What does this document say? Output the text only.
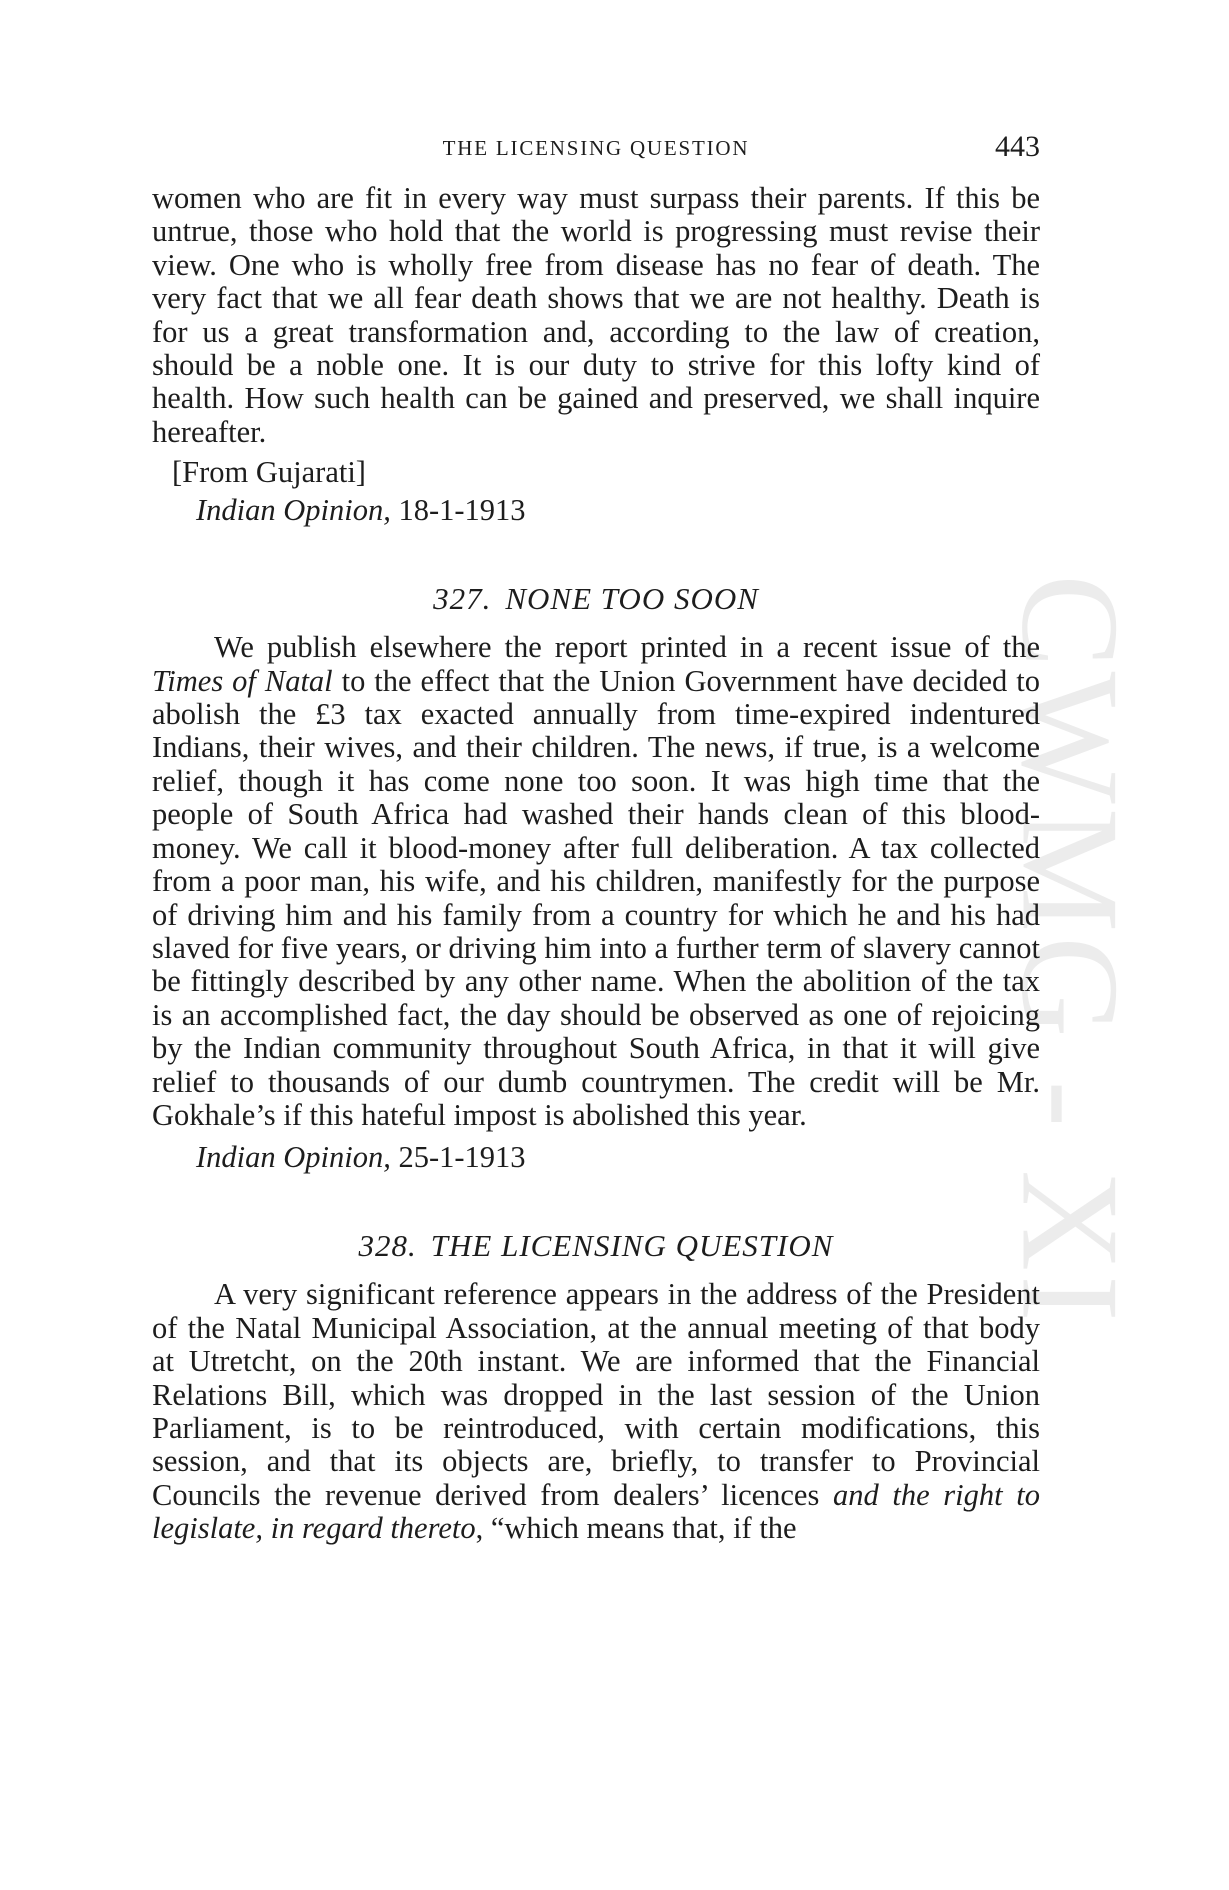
CWMG - XI
THE LICENSING QUESTION	443

women who are fit in every way must surpass their parents. If this be untrue, those who hold that the world is progressing must revise their view. One who is wholly free from disease has no fear of death. The very fact that we all fear death shows that we are not healthy. Death is for us a great transformation and, according to the law of creation, should be a noble one. It is our duty to strive for this lofty kind of health. How such health can be gained and preserved, we shall inquire hereafter.

[From Gujarati]
Indian Opinion, 18-1-1913
327. NONE TOO SOON

We publish elsewhere the report printed in a recent issue of the Times of Natal to the effect that the Union Government have decided to abolish the £3 tax exacted annually from time-expired indentured Indians, their wives, and their children. The news, if true, is a welcome relief, though it has come none too soon. It was high time that the people of South Africa had washed their hands clean of this blood-money. We call it blood-money after full deliberation. A tax collected from a poor man, his wife, and his children, manifestly for the purpose of driving him and his family from a country for which he and his had slaved for five years, or driving him into a further term of slavery cannot be fittingly described by any other name. When the abolition of the tax is an accomplished fact, the day should be observed as one of rejoicing by the Indian community throughout South Africa, in that it will give relief to thousands of our dumb countrymen. The credit will be Mr. Gokhale’s if this hateful impost is abolished this year.

Indian Opinion, 25-1-1913
328. THE LICENSING QUESTION

A very significant reference appears in the address of the President of the Natal Municipal Association, at the annual meeting of that body at Utretcht, on the 20th instant. We are informed that the Financial Relations Bill, which was dropped in the last session of the Union Parliament, is to be reintroduced, with certain modifications, this session, and that its objects are, briefly, to transfer to Provincial Councils the revenue derived from dealers’ licences and the right to legislate, in regard thereto, “which means that, if the
